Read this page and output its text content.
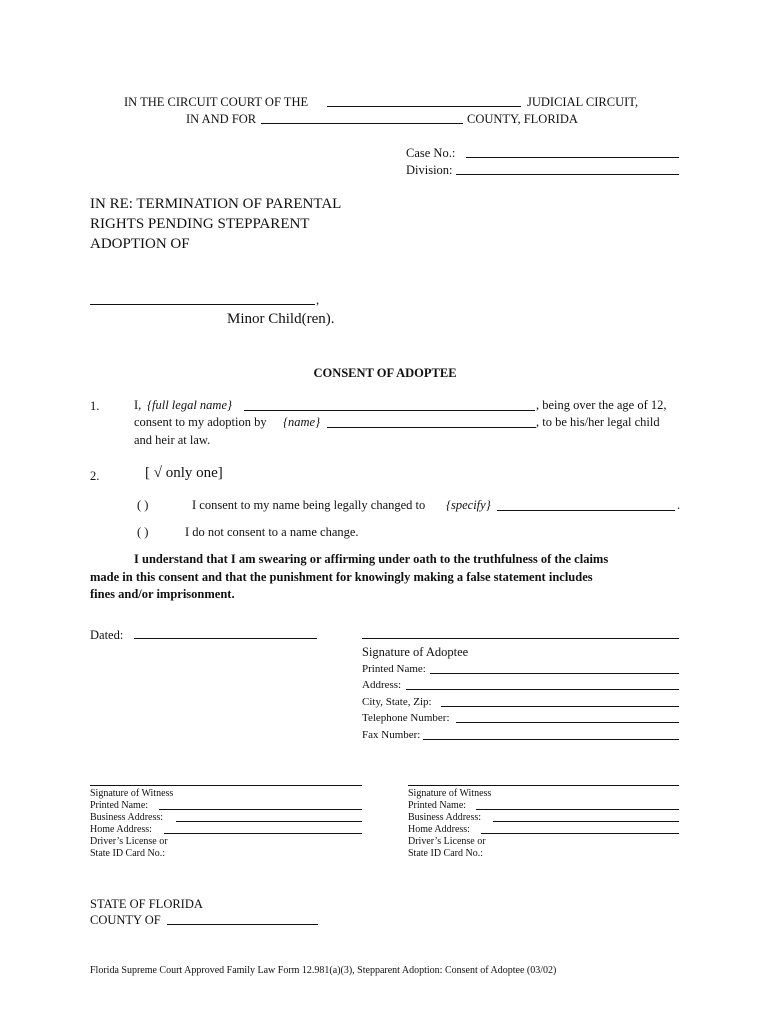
IN THE CIRCUIT COURT OF THE	JUDICIAL CIRCUIT,
IN AND FOR	COUNTY, FLORIDA
Case No.:
Division:
IN RE: TERMINATION OF PARENTAL
RIGHTS PENDING STEPPARENT
ADOPTION OF
,
Minor Child(ren).
CONSENT OF ADOPTEE
1.	I, {full legal name}	, being over the age of 12,
consent to my adoption by {name}	, to be his/her legal child
and heir at law.
2.	[ √ only one]
( )	I consent to my name being legally changed to {specify}	.
( )	I do not consent to a name change.
I understand that I am swearing or affirming under oath to the truthfulness of the claims
made in this consent and that the punishment for knowingly making a false statement includes
fines and/or imprisonment.
Dated:
Signature of Adoptee
Printed Name:
Address:
City, State, Zip:
Telephone Number:
Fax Number:
Signature of Witness
Printed Name:
Business Address:
Home Address:
Driver’s License or
State ID Card No.:
Signature of Witness
Printed Name:
Business Address:
Home Address:
Driver’s License or
State ID Card No.:
STATE OF FLORIDA
COUNTY OF
Florida Supreme Court Approved Family Law Form 12.981(a)(3), Stepparent Adoption: Consent of Adoptee (03/02)
